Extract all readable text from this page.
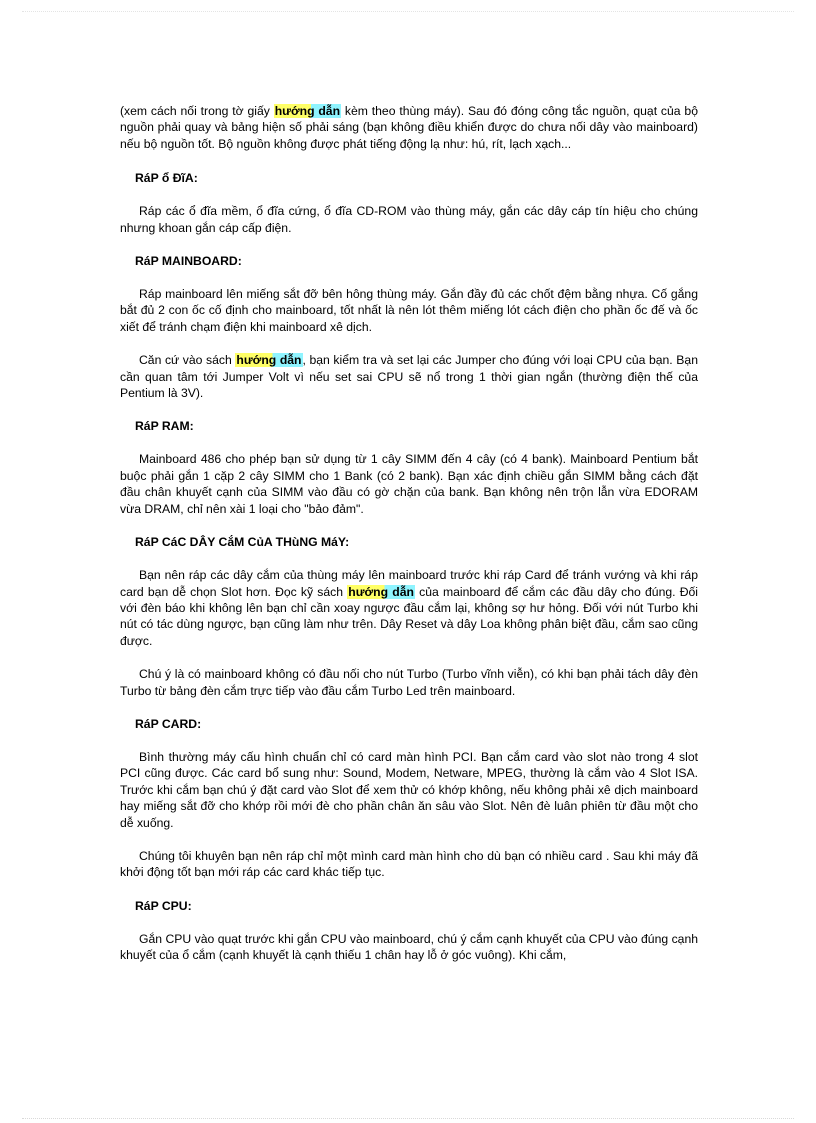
(xem cách nối trong tờ giấy hướng dẫn kèm theo thùng máy). Sau đó đóng công tắc nguồn, quạt của bộ nguồn phải quay và bảng hiện số phải sáng (bạn không điều khiển được do chưa nối dây vào mainboard) nếu bộ nguồn tốt. Bộ nguồn không được phát tiếng động lạ như: hú, rít, lạch xạch...

RáP ổ ĐĩA:

Ráp các ổ đĩa mềm, ổ đĩa cứng, ổ đĩa CD-ROM vào thùng máy, gắn các dây cáp tín hiệu cho chúng nhưng khoan gắn cáp cấp điện.

RáP MAINBOARD:

Ráp mainboard lên miếng sắt đỡ bên hông thùng máy. Gắn đầy đủ các chốt đệm bằng nhựa. Cố gắng bắt đủ 2 con ốc cố định cho mainboard, tốt nhất là nên lót thêm miếng lót cách điện cho phần ốc đế và ốc xiết để tránh chạm điện khi mainboard xê dịch.

Căn cứ vào sách hướng dẫn, bạn kiểm tra và set lại các Jumper cho đúng với loại CPU của bạn. Bạn cần quan tâm tới Jumper Volt vì nếu set sai CPU sẽ nổ trong 1 thời gian ngắn (thường điện thế của Pentium là 3V).

RáP RAM:

Mainboard 486 cho phép bạn sử dụng từ 1 cây SIMM đến 4 cây (có 4 bank). Mainboard Pentium bắt buộc phải gắn 1 cặp 2 cây SIMM cho 1 Bank (có 2 bank). Bạn xác định chiều gắn SIMM bằng cách đặt đầu chân khuyết cạnh của SIMM vào đầu có gờ chặn của bank. Bạn không nên trộn lẫn vừa EDORAM vừa DRAM, chỉ nên xài 1 loại cho "bảo đảm".

RáP CáC DÂY CắM CủA THùNG MáY:

Bạn nên ráp các dây cắm của thùng máy lên mainboard trước khi ráp Card để tránh vướng và khi ráp card bạn dễ chọn Slot hơn. Đọc kỹ sách hướng dẫn của mainboard để cắm các đầu dây cho đúng. Đối với đèn báo khi không lên bạn chỉ cần xoay ngược đầu cắm lại, không sợ hư hỏng. Đối với nút Turbo khi nút có tác dùng ngược, bạn cũng làm như trên. Dây Reset và dây Loa không phân biệt đầu, cắm sao cũng được.

Chú ý là có mainboard không có đầu nối cho nút Turbo (Turbo vĩnh viễn), có khi bạn phải tách dây đèn Turbo từ bảng đèn cắm trực tiếp vào đầu cắm Turbo Led trên mainboard.

RáP CARD:

Bình thường máy cấu hình chuẩn chỉ có card màn hình PCI. Bạn cắm card vào slot nào trong 4 slot PCI cũng được. Các card bổ sung như: Sound, Modem, Netware, MPEG, thường là cắm vào 4 Slot ISA. Trước khi cắm bạn chú ý đặt card vào Slot để xem thử có khớp không, nếu không phải xê dịch mainboard hay miếng sắt đỡ cho khớp rồi mới đè cho phần chân ăn sâu vào Slot. Nên đè luân phiên từ đầu một cho dễ xuống.

Chúng tôi khuyên bạn nên ráp chỉ một mình card màn hình cho dù bạn có nhiều card . Sau khi máy đã khởi động tốt bạn mới ráp các card khác tiếp tục.

RáP CPU:

Gắn CPU vào quạt trước khi gắn CPU vào mainboard, chú ý cắm cạnh khuyết của CPU vào đúng cạnh khuyết của ổ cắm (cạnh khuyết là cạnh thiếu 1 chân hay lỗ ở góc vuông). Khi cắm,
